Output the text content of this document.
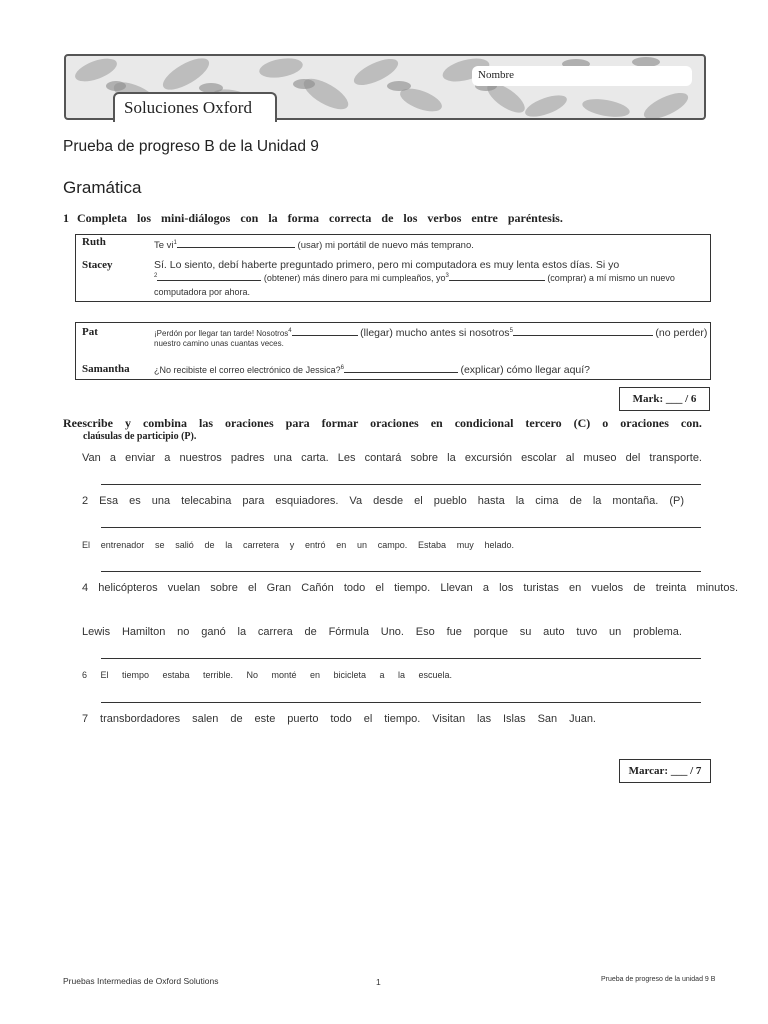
Nombre
Soluciones Oxford
Prueba de progreso B de la Unidad 9
Gramática
1 Completa los mini-diálogos con la forma correcta de los verbos entre paréntesis.
Ruth	Te $vi^1$	(usar) mi portátil de nuevo más temprano.
Stacey	Sí. Lo siento, debí haberte preguntado primero, pero mi computadora es muy lenta estos días. Si yo
$^2$	(obtener) más dinero para mi cumpleaños, $yo^3$	(comprar) a mí mismo un nuevo
computadora por ahora.
Pat	¡Perdón por llegar tan tarde! Nosotros$^4$	(llegar) mucho antes si nosotros$^5$	(no perder)
nuestro camino unas cuantas veces.
Samantha	¿No recibiste el correo electrónico de Jessica?$^6$	(explicar) cómo llegar aquí?
Mark: ___ / 6
Reescribe y combina las oraciones para formar oraciones en condicional tercero (C) o oraciones con.
claúsulas de participio (P).
Van a enviar a nuestros padres una carta. Les contará sobre la excursión escolar al museo del transporte.
2 Esa es una telecabina para esquiadores. Va desde el pueblo hasta la cima de la montaña. (P)
El entrenador se salió de la carretera y entró en un campo. Estaba muy helado.
4 helicópteros vuelan sobre el Gran Cañón todo el tiempo. Llevan a los turistas en vuelos de treinta minutos.
Lewis Hamilton no ganó la carrera de Fórmula Uno. Eso fue porque su auto tuvo un problema.
6 El tiempo estaba terrible. No monté en bicicleta a la escuela.
7 transbordadores salen de este puerto todo el tiempo. Visitan las Islas San Juan.
Marcar: ___ / 7
Pruebas Intermedias de Oxford Solutions	1	Prueba de progreso de la unidad 9 B
